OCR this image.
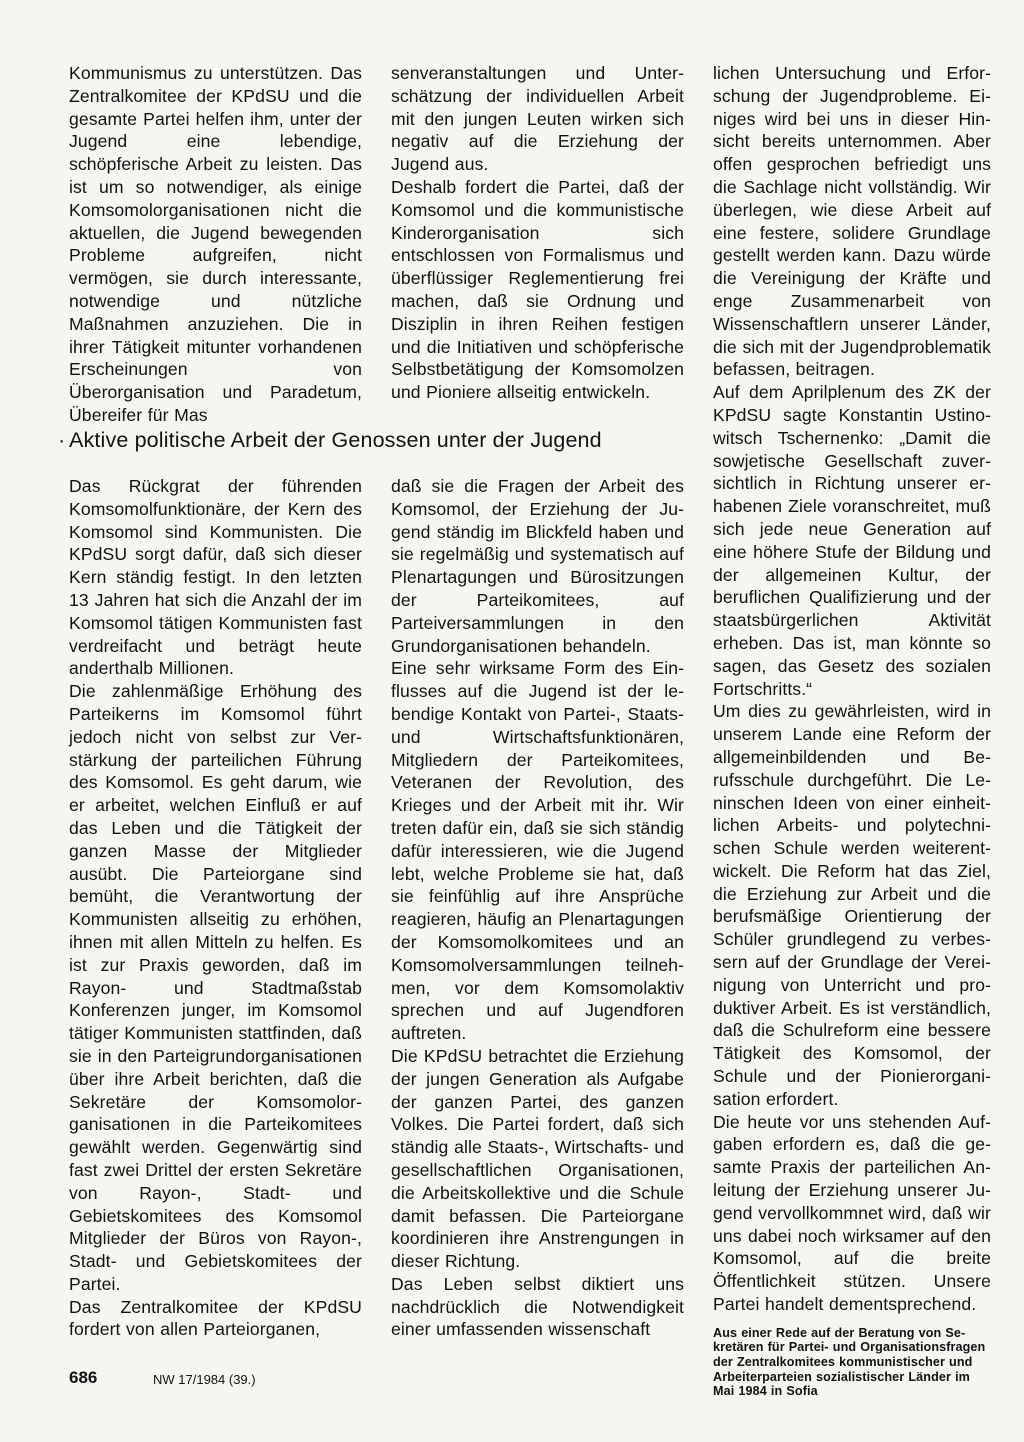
Kommunismus zu unterstützen. Das Zentralkomitee der KPdSU und die gesamte Partei helfen ihm, unter der Jugend eine lebendige, schöpferische Arbeit zu leisten. Das ist um so notwendiger, als einige Komsomolorganisationen nicht die aktuellen, die Jugend bewegenden Probleme aufgreifen, nicht vermögen, sie durch interessante, notwendige und nützliche Maßnahmen anzuziehen. Die in ihrer Tätigkeit mitunter vorhandenen Erscheinungen von Überorganisation und Paradetum, Übereifer für Mas

senveranstaltungen und Unterschätzung der individuellen Arbeit mit den jungen Leuten wirken sich negativ auf die Erziehung der Jugend aus.

Deshalb fordert die Partei, daß der Komsomol und die kommunistische Kinderorganisation sich entschlossen von Formalismus und überflüssiger Reglementierung frei machen, daß sie Ordnung und Disziplin in ihren Reihen festigen und die Initiativen und schöpferische Selbstbetätigung der Komsomolzen und Pioniere allseitig entwickeln.

· Aktive politische Arbeit der Genossen unter der Jugend

Das Rückgrat der führenden Komsomolfunktionäre, der Kern des Komsomol sind Kommunisten. Die KPdSU sorgt dafür, daß sich dieser Kern ständig festigt. In den letzten 13 Jahren hat sich die Anzahl der im Komsomol tätigen Kommunisten fast verdreifacht und beträgt heute anderthalb Millionen.

Die zahlenmäßige Erhöhung des Parteikerns im Komsomol führt jedoch nicht von selbst zur Verstärkung der parteilichen Führung des Komsomol. Es geht darum, wie er arbeitet, welchen Einfluß er auf das Leben und die Tätigkeit der ganzen Masse der Mitglieder ausübt. Die Parteiorgane sind bemüht, die Verantwortung der Kommunisten allseitig zu erhöhen, ihnen mit allen Mitteln zu helfen. Es ist zur Praxis geworden, daß im Rayon- und Stadtmaßstab Konferenzen junger, im Komsomol tätiger Kommunisten stattfinden, daß sie in den Parteigrundorganisationen über ihre Arbeit berichten, daß die Sekretäre der Komsomolorganisationen in die Parteikomitees gewählt werden. Gegenwärtig sind fast zwei Drittel der ersten Sekretäre von Rayon-, Stadt- und Gebietskomitees des Komsomol Mitglieder der Büros von Rayon-, Stadt- und Gebietskomitees der Partei.

Das Zentralkomitee der KPdSU fordert von allen Parteiorganen,

daß sie die Fragen der Arbeit des Komsomol, der Erziehung der Jugend ständig im Blickfeld haben und sie regelmäßig und systematisch auf Plenartagungen und Bürositzungen der Parteikomitees, auf Parteiversammlungen in den Grundorganisationen behandeln.

Eine sehr wirksame Form des Einflusses auf die Jugend ist der lebendige Kontakt von Partei-, Staats- und Wirtschaftsfunktionären, Mitgliedern der Parteikomitees, Veteranen der Revolution, des Krieges und der Arbeit mit ihr. Wir treten dafür ein, daß sie sich ständig dafür interessieren, wie die Jugend lebt, welche Probleme sie hat, daß sie feinfühlig auf ihre Ansprüche reagieren, häufig an Plenartagungen der Komsomolkomitees und an Komsomolversammlungen teilnehmen, vor dem Komsomolaktiv sprechen und auf Jugendforen auftreten.

Die KPdSU betrachtet die Erziehung der jungen Generation als Aufgabe der ganzen Partei, des ganzen Volkes. Die Partei fordert, daß sich ständig alle Staats-, Wirtschafts- und gesellschaftlichen Organisationen, die Arbeitskollektive und die Schule damit befassen. Die Parteiorgane koordinieren ihre Anstrengungen in dieser Richtung.

Das Leben selbst diktiert uns nachdrücklich die Notwendigkeit einer umfassenden wissenschaft

lichen Untersuchung und Erforschung der Jugendprobleme. Einiges wird bei uns in dieser Hinsicht bereits unternommen. Aber offen gesprochen befriedigt uns die Sachlage nicht vollständig. Wir überlegen, wie diese Arbeit auf eine festere, solidere Grundlage gestellt werden kann. Dazu würde die Vereinigung der Kräfte und enge Zusammenarbeit von Wissenschaftlern unserer Länder, die sich mit der Jugendproblematik befassen, beitragen.

Auf dem Aprilplenum des ZK der KPdSU sagte Konstantin Ustinowitsch Tschernenko: „Damit die sowjetische Gesellschaft zuversichtlich in Richtung unserer erhabenen Ziele voranschreitet, muß sich jede neue Generation auf eine höhere Stufe der Bildung und der allgemeinen Kultur, der beruflichen Qualifizierung und der staatsbürgerlichen Aktivität erheben. Das ist, man könnte so sagen, das Gesetz des sozialen Fortschritts.“

Um dies zu gewährleisten, wird in unserem Lande eine Reform der allgemeinbildenden und Berufsschule durchgeführt. Die Leninschen Ideen von einer einheitlichen Arbeits- und polytechnischen Schule werden weiterentwickelt. Die Reform hat das Ziel, die Erziehung zur Arbeit und die berufsmäßige Orientierung der Schüler grundlegend zu verbessern auf der Grundlage der Vereinigung von Unterricht und produktiver Arbeit. Es ist verständlich, daß die Schulreform eine bessere Tätigkeit des Komsomol, der Schule und der Pionierorganisation erfordert.

Die heute vor uns stehenden Aufgaben erfordern es, daß die gesamte Praxis der parteilichen Anleitung der Erziehung unserer Jugend vervollkommnet wird, daß wir uns dabei noch wirksamer auf den Komsomol, auf die breite Öffentlichkeit stützen. Unsere Partei handelt dementsprechend.

Aus einer Rede auf der Beratung von Sekretären für Partei- und Organisationsfragen der Zentralkomitees kommunistischer und Arbeiterparteien sozialistischer Länder im Mai 1984 in Sofia

686	NW 17/1984 (39.)
